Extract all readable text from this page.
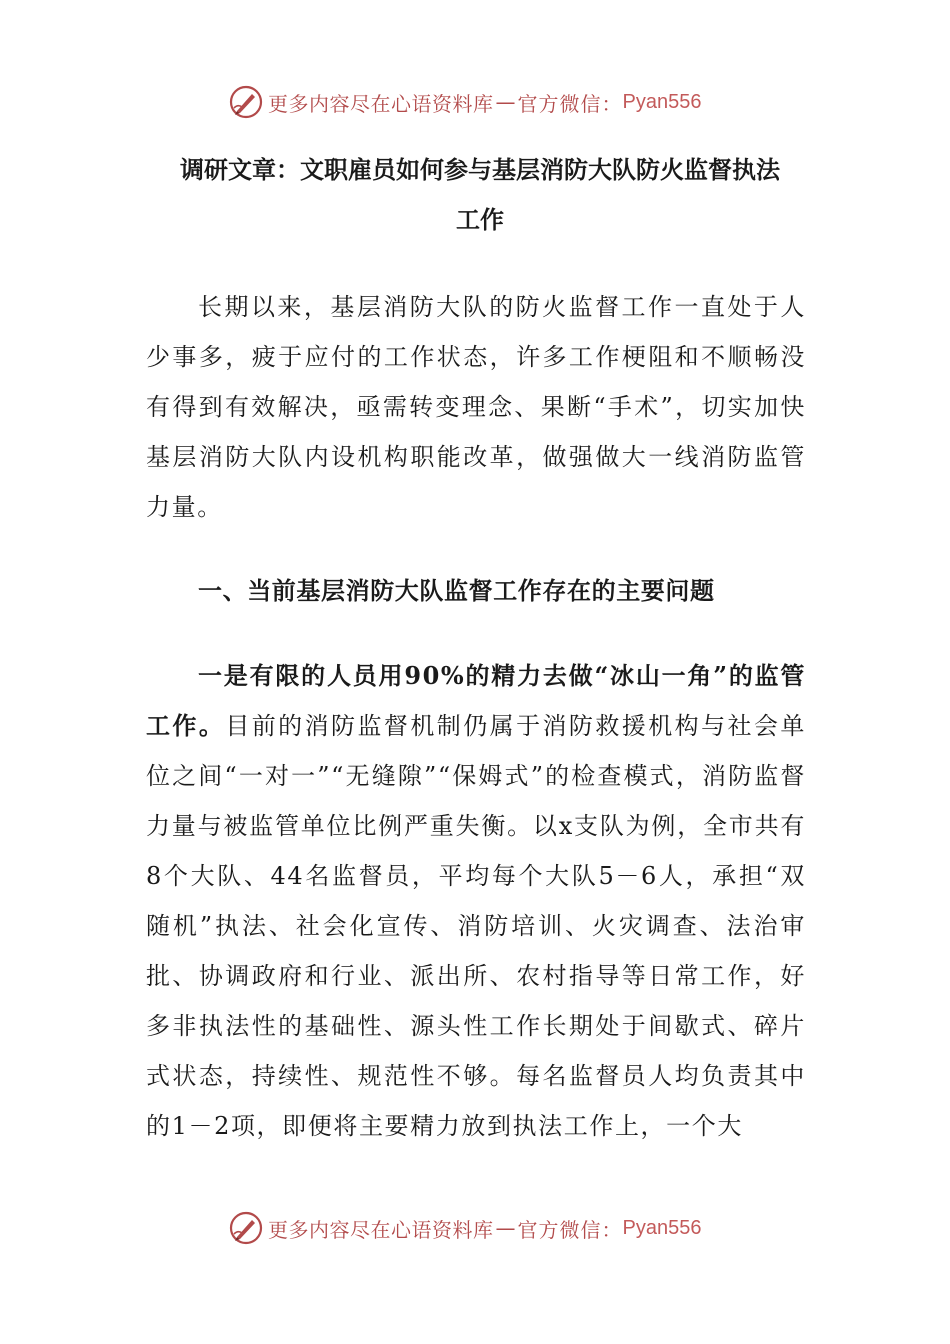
更多内容尽在心语资料库 — 官方微信： Pyan556
调研文章：文职雇员如何参与基层消防大队防火监督执法
工作

长期以来，基层消防大队的防火监督工作一直处于人少事多，疲于应付的工作状态，许多工作梗阻和不顺畅没有得到有效解决，亟需转变理念、果断“手术”，切实加快基层消防大队内设机构职能改革，做强做大一线消防监管力量。

一、当前基层消防大队监督工作存在的主要问题

一是有限的人员用90%的精力去做“冰山一角”的监管工作。目前的消防监督机制仍属于消防救援机构与社会单位之间“一对一”“无缝隙”“保姆式”的检查模式，消防监督力量与被监管单位比例严重失衡。以x支队为例，全市共有8个大队、44名监督员，平均每个大队5－6人，承担“双随机”执法、社会化宣传、消防培训、火灾调查、法治审批、协调政府和行业、派出所、农村指导等日常工作，好多非执法性的基础性、源头性工作长期处于间歇式、碎片式状态，持续性、规范性不够。每名监督员人均负责其中的1－2项，即便将主要精力放到执法工作上，一个大

更多内容尽在心语资料库 — 官方微信： Pyan556
